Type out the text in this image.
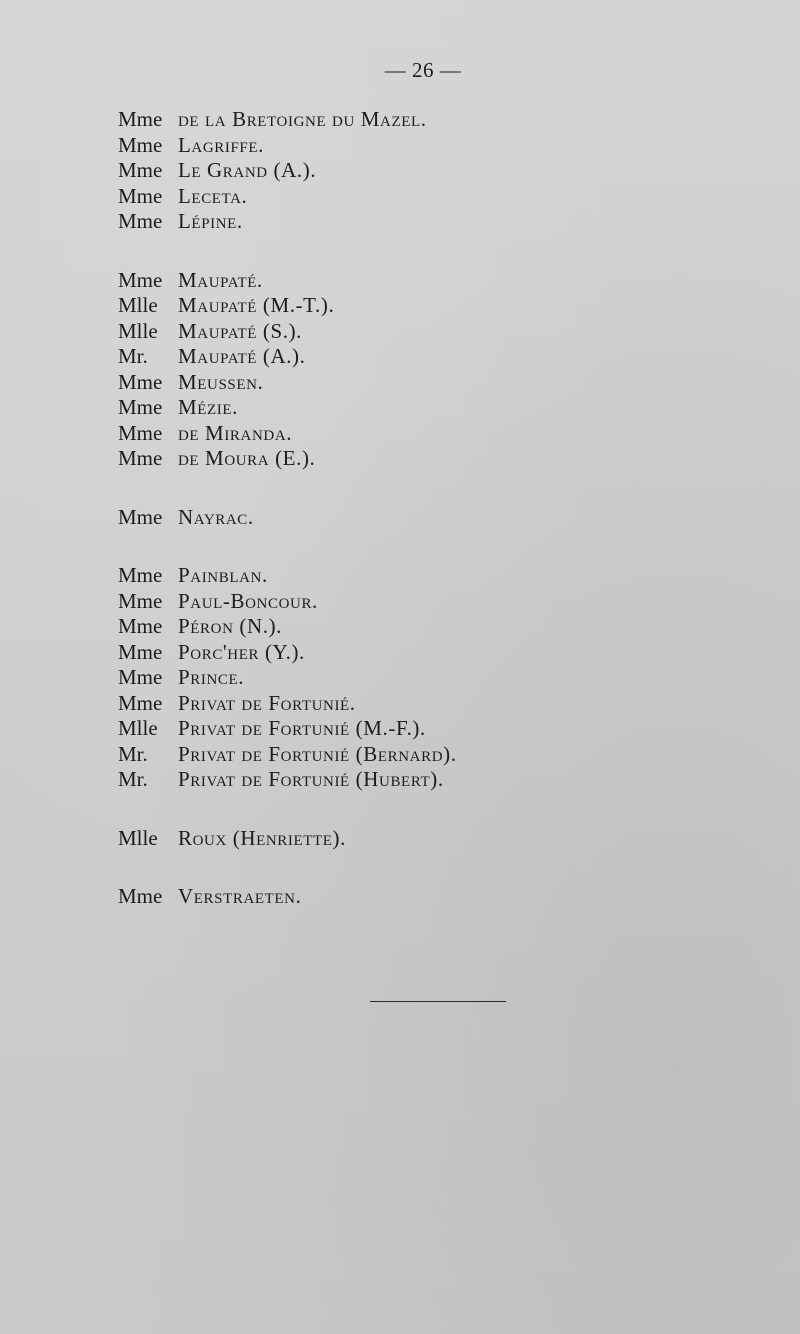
— 26 —
Mme de la Bretoigne du Mazel.
Mme Lagriffe.
Mme Le Grand (A.).
Mme Leceta.
Mme Lépine.
Mme Maupaté.
Mlle Maupaté (M.-T.).
Mlle Maupaté (S.).
Mr.	Maupaté (A.).
Mme Meussen.
Mme Mézie.
Mme de Miranda.
Mme de Moura (E.).
Mme Nayrac.
Mme Painblan.
Mme Paul-Boncour.
Mme Péron (N.).
Mme Porc'her (Y.).
Mme Prince.
Mme Privat de Fortunié.
Mlle Privat de Fortunié (M.-F.).
Mr.	Privat de Fortunié (Bernard).
Mr.	Privat de Fortunié (Hubert).
Mlle Roux (Henriette).
Mme Verstraeten.
